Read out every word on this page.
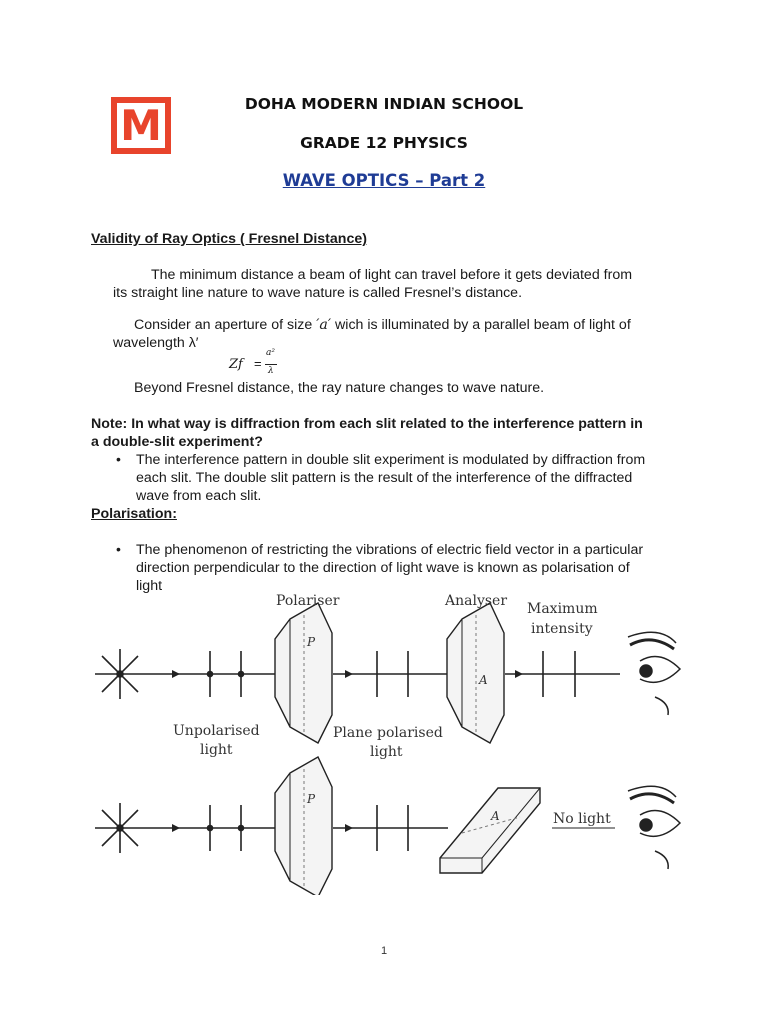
M	DOHA MODERN INDIAN SCHOOL
GRADE 12 PHYSICS
WAVE OPTICS – Part 2
Validity of Ray Optics ( Fresnel Distance)
The minimum distance a beam of light can travel before it gets deviated from
its straight line nature to wave nature is called Fresnel’s distance.
Consider an aperture of size ′a′ wich is illuminated by a parallel beam of light of
wavelength λ′
Zf =
a²
λ
Beyond Fresnel distance, the ray nature changes to wave nature.
Note: In what way is diffraction from each slit related to the interference pattern in
a double-slit experiment?
• The interference pattern in double slit experiment is modulated by diffraction from
each slit. The double slit pattern is the result of the interference of the diffracted
wave from each slit.
Polarisation:
• The phenomenon of restricting the vibrations of electric field vector in a particular
direction perpendicular to the direction of light wave is known as polarisation of
light
P
A
Polariser	Analyser Maximum
intensity
Unpolarised
light
Plane polarised
light
P
A	No light
1
